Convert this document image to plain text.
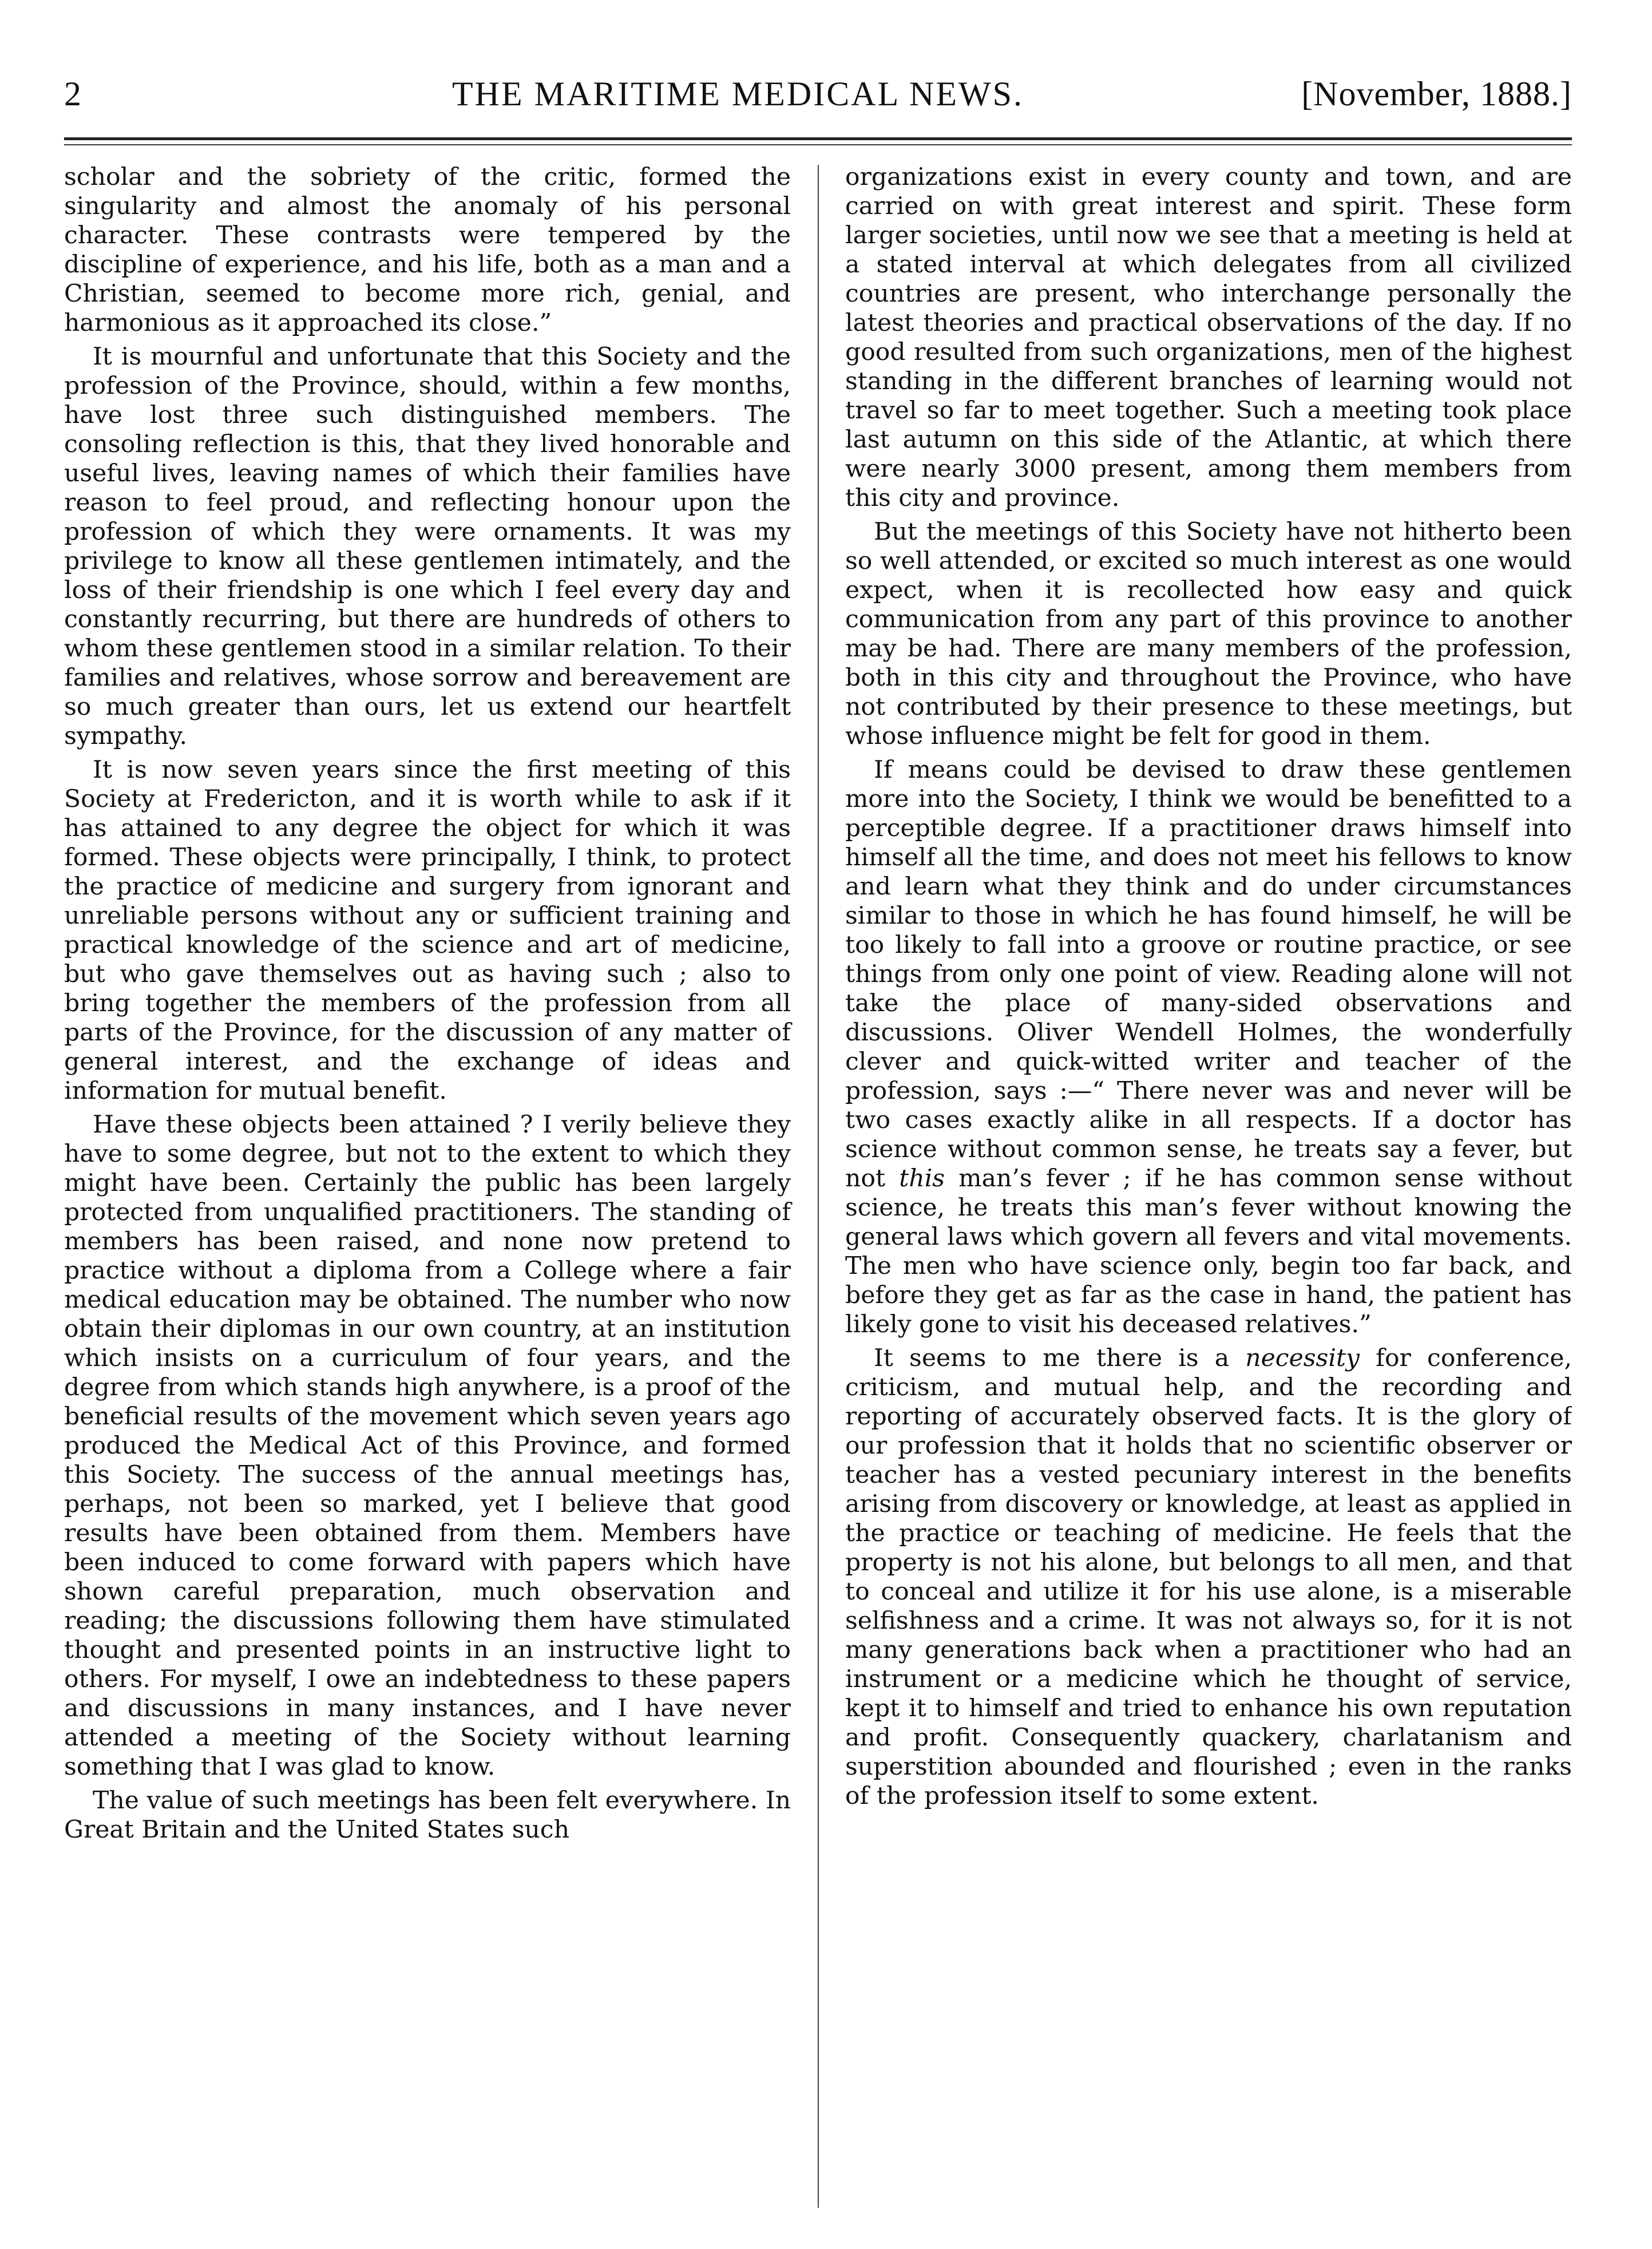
2	THE MARITIME MEDICAL NEWS.	[November, 1888.]

scholar and the sobriety of the critic, formed the singularity and almost the anomaly of his personal character. These contrasts were tempered by the discipline of experience, and his life, both as a man and a Christian, seemed to become more rich, genial, and harmonious as it approached its close.”

It is mournful and unfortunate that this Society and the profession of the Province, should, within a few months, have lost three such distinguished members. The consoling reflection is this, that they lived honorable and useful lives, leaving names of which their families have reason to feel proud, and reflecting honour upon the profession of which they were ornaments. It was my privilege to know all these gentlemen intimately, and the loss of their friendship is one which I feel every day and constantly recurring, but there are hundreds of others to whom these gentlemen stood in a similar relation. To their families and relatives, whose sorrow and bereavement are so much greater than ours, let us extend our heartfelt sympathy.

It is now seven years since the first meeting of this Society at Fredericton, and it is worth while to ask if it has attained to any degree the object for which it was formed. These objects were principally, I think, to protect the practice of medicine and surgery from ignorant and unreliable persons without any or sufficient training and practical knowledge of the science and art of medicine, but who gave themselves out as having such ; also to bring together the members of the profession from all parts of the Province, for the discussion of any matter of general interest, and the exchange of ideas and information for mutual benefit.

Have these objects been attained ? I verily believe they have to some degree, but not to the extent to which they might have been. Certainly the public has been largely protected from unqualified practitioners. The standing of members has been raised, and none now pretend to practice without a diploma from a College where a fair medical education may be obtained. The number who now obtain their diplomas in our own country, at an institution which insists on a curriculum of four years, and the degree from which stands high anywhere, is a proof of the beneficial results of the movement which seven years ago produced the Medical Act of this Province, and formed this Society. The success of the annual meetings has, perhaps, not been so marked, yet I believe that good results have been obtained from them. Members have been induced to come forward with papers which have shown careful preparation, much observation and reading; the discussions following them have stimulated thought and presented points in an instructive light to others. For myself, I owe an indebtedness to these papers and discussions in many instances, and I have never attended a meeting of the Society without learning something that I was glad to know.

The value of such meetings has been felt everywhere. In Great Britain and the United States such

organizations exist in every county and town, and are carried on with great interest and spirit. These form larger societies, until now we see that a meeting is held at a stated interval at which delegates from all civilized countries are present, who interchange personally the latest theories and practical observations of the day. If no good resulted from such organizations, men of the highest standing in the different branches of learning would not travel so far to meet together. Such a meeting took place last autumn on this side of the Atlantic, at which there were nearly 3000 present, among them members from this city and province.

But the meetings of this Society have not hitherto been so well attended, or excited so much interest as one would expect, when it is recollected how easy and quick communication from any part of this province to another may be had. There are many members of the profession, both in this city and throughout the Province, who have not contributed by their presence to these meetings, but whose influence might be felt for good in them.

If means could be devised to draw these gentlemen more into the Society, I think we would be benefitted to a perceptible degree. If a practitioner draws himself into himself all the time, and does not meet his fellows to know and learn what they think and do under circumstances similar to those in which he has found himself, he will be too likely to fall into a groove or routine practice, or see things from only one point of view. Reading alone will not take the place of many-sided observations and discussions. Oliver Wendell Holmes, the wonderfully clever and quick-witted writer and teacher of the profession, says :—“ There never was and never will be two cases exactly alike in all respects. If a doctor has science without common sense, he treats say a fever, but not this man’s fever ; if he has common sense without science, he treats this man’s fever without knowing the general laws which govern all fevers and vital movements. The men who have science only, begin too far back, and before they get as far as the case in hand, the patient has likely gone to visit his deceased relatives.”

It seems to me there is a necessity for conference, criticism, and mutual help, and the recording and reporting of accurately observed facts. It is the glory of our profession that it holds that no scientific observer or teacher has a vested pecuniary interest in the benefits arising from discovery or knowledge, at least as applied in the practice or teaching of medicine. He feels that the property is not his alone, but belongs to all men, and that to conceal and utilize it for his use alone, is a miserable selfishness and a crime. It was not always so, for it is not many generations back when a practitioner who had an instrument or a medicine which he thought of service, kept it to himself and tried to enhance his own reputation and profit. Consequently quackery, charlatanism and superstition abounded and flourished ; even in the ranks of the profession itself to some extent.
